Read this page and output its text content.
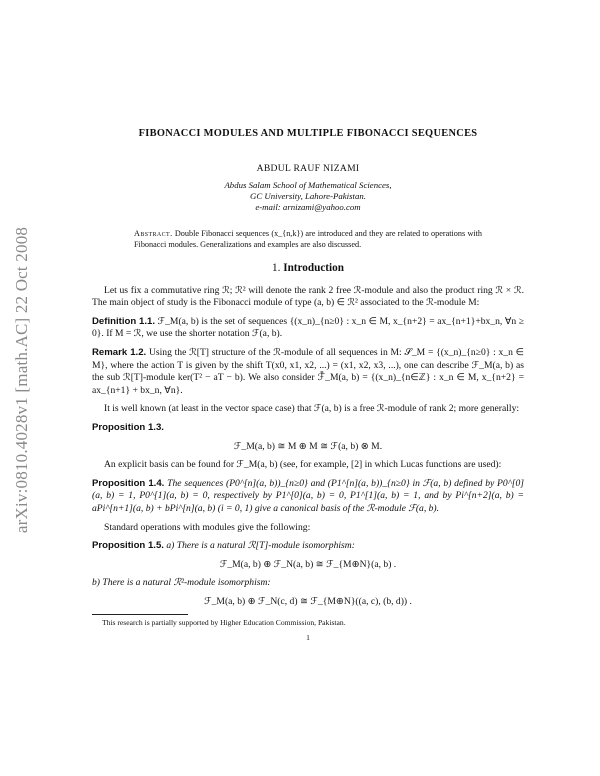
arXiv:0810.4028v1 [math.AC] 22 Oct 2008
FIBONACCI MODULES AND MULTIPLE FIBONACCI SEQUENCES
ABDUL RAUF NIZAMI
Abdus Salam School of Mathematical Sciences,
GC University, Lahore-Pakistan.
e-mail: arnizami@yahoo.com
Abstract. Double Fibonacci sequences (x_{n,k}) are introduced and they are related to operations with Fibonacci modules. Generalizations and examples are also discussed.
1. Introduction

Let us fix a commutative ring ℛ; ℛ² will denote the rank 2 free ℛ-module and also the product ring ℛ × ℛ. The main object of study is the Fibonacci module of type (a, b) ∈ ℛ² associated to the ℛ-module M:

Definition 1.1. ℱ_M(a, b) is the set of sequences {(x_n)_{n≥0} : x_n ∈ M, x_{n+2} = ax_{n+1}+bx_n, ∀n ≥ 0}. If M = ℛ, we use the shorter notation ℱ(a, b).

Remark 1.2. Using the ℛ[T] structure of the ℛ-module of all sequences in M: 𝒮_M = {(x_n)_{n≥0} : x_n ∈ M}, where the action T is given by the shift T(x0, x1, x2, ...) = (x1, x2, x3, ...), one can describe ℱ_M(a, b) as the sub ℛ[T]-module ker(T² − aT − b). We also consider ℱ̄_M(a, b) = {(x_n)_{n∈ℤ} : x_n ∈ M, x_{n+2} = ax_{n+1} + bx_n, ∀n}.

It is well known (at least in the vector space case) that ℱ(a, b) is a free ℛ-module of rank 2; more generally:

Proposition 1.3.

ℱ_M(a, b) ≅ M ⊕ M ≅ ℱ(a, b) ⊗ M.

An explicit basis can be found for ℱ_M(a, b) (see, for example, [2] in which Lucas functions are used):

Proposition 1.4. The sequences (P0^[n](a, b))_{n≥0} and (P1^[n](a, b))_{n≥0} in ℱ(a, b) defined by P0^[0](a, b) = 1, P0^[1](a, b) = 0, respectively by P1^[0](a, b) = 0, P1^[1](a, b) = 1, and by Pi^[n+2](a, b) = aPi^[n+1](a, b) + bPi^[n](a, b) (i = 0, 1) give a canonical basis of the ℛ-module ℱ(a, b).

Standard operations with modules give the following:

Proposition 1.5. a) There is a natural ℛ[T]-module isomorphism:

ℱ_M(a, b) ⊕ ℱ_N(a, b) ≅ ℱ_{M⊕N}(a, b) .

b) There is a natural ℛ²-module isomorphism:

ℱ_M(a, b) ⊕ ℱ_N(c, d) ≅ ℱ_{M⊕N}((a, c), (b, d)) .

This research is partially supported by Higher Education Commission, Pakistan.

1
